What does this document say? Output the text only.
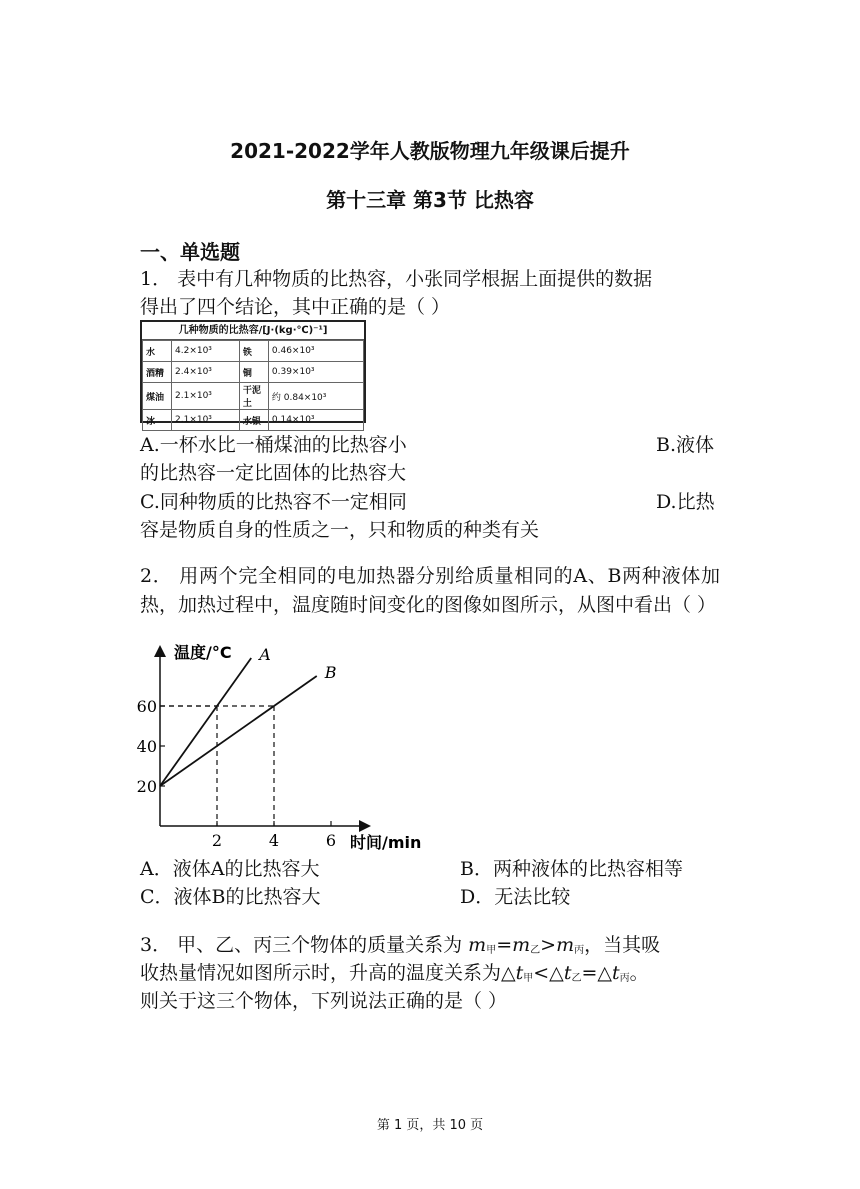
2021-2022学年人教版物理九年级课后提升
第十三章 第3节 比热容
一、单选题
1． 表中有几种物质的比热容，小张同学根据上面提供的数据
得出了四个结论，其中正确的是（ ）
几种物质的比热容/[J·(kg·℃)⁻¹]
水	4.2×10³	铁	0.46×10³
酒精	2.4×10³	铜	0.39×10³
煤油	2.1×10³	干泥土	约 0.84×10³
冰	2.1×10³	水银	0.14×10³
A.一杯水比一桶煤油的比热容小	B.液体
的比热容一定比固体的比热容大
C.同种物质的比热容不一定相同	D.比热
容是物质自身的性质之一，只和物质的种类有关
2． 用两个完全相同的电加热器分别给质量相同的A、B两种液体加热，加热过程中，温度随时间变化的图像如图所示，从图中看出（ ）
温度/°C
时间/min
2	4	6
20
40
60
A
B
A．液体A的比热容大	B．两种液体的比热容相等
C．液体B的比热容大	D．无法比较
3． 甲、乙、丙三个物体的质量关系为 $m_甲=m_乙>m_丙$，当其吸
收热量情况如图所示时，升高的温度关系为$\triangle t_甲<\triangle t_乙=\triangle t_丙$。
则关于这三个物体，下列说法正确的是（ ）
第 1 页，共 10 页
